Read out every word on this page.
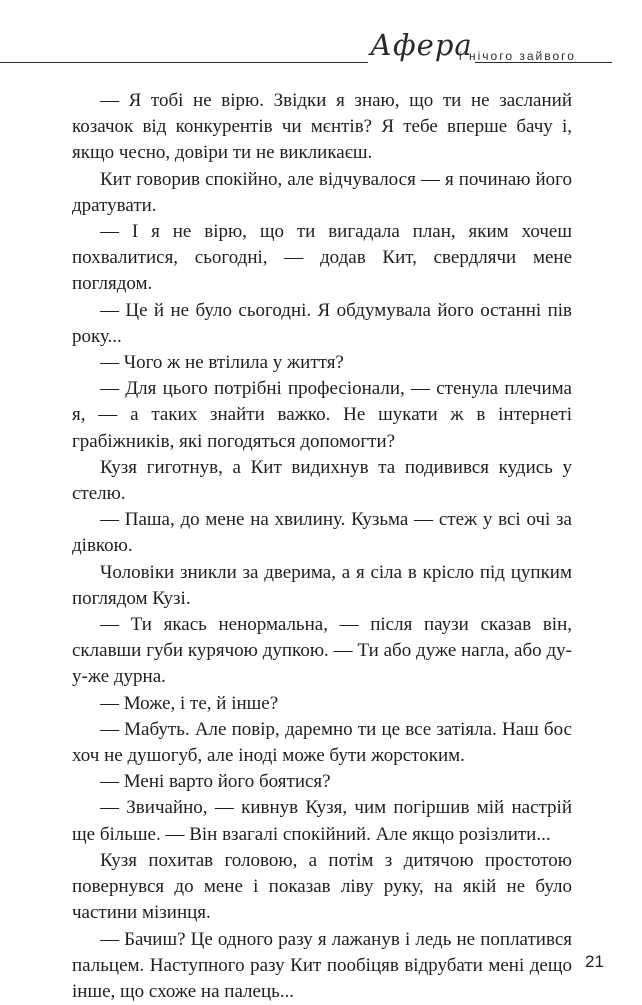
Афера
і нічого зайвого

— Я тобі не вірю. Звідки я знаю, що ти не засланий козачок від конкурентів чи мєнтів? Я тебе вперше бачу і, якщо чесно, довіри ти не викликаєш.

Кит говорив спокійно, але відчувалося — я починаю його дратувати.

— І я не вірю, що ти вигадала план, яким хочеш похвалитися, сьогодні, — додав Кит, свердлячи мене поглядом.

— Це й не було сьогодні. Я обдумувала його останні пів року...

— Чого ж не втілила у життя?

— Для цього потрібні професіонали, — стенула плечима я, — а таких знайти важко. Не шукати ж в інтернеті грабіжників, які погодяться допомогти?

Кузя гиготнув, а Кит видихнув та подивився кудись у стелю.

— Паша, до мене на хвилину. Кузьма — стеж у всі очі за дівкою.

Чоловіки зникли за дверима, а я сіла в крісло під цупким поглядом Кузі.

— Ти якась ненормальна, — після паузи сказав він, склавши губи курячою дупкою. — Ти або дуже нагла, або ду-у-же дурна.

— Може, і те, й інше?

— Мабуть. Але повір, даремно ти це все затіяла. Наш бос хоч не душогуб, але іноді може бути жорстоким.

— Мені варто його боятися?

— Звичайно, — кивнув Кузя, чим погіршив мій настрій ще більше. — Він взагалі спокійний. Але якщо розізлити...

Кузя похитав головою, а потім з дитячою простотою повернувся до мене і показав ліву руку, на якій не було частини мізинця.

— Бачиш? Це одного разу я лажанув і ледь не поплатився пальцем. Наступного разу Кит пообіцяв відрубати мені дещо інше, що схоже на палець...

21
